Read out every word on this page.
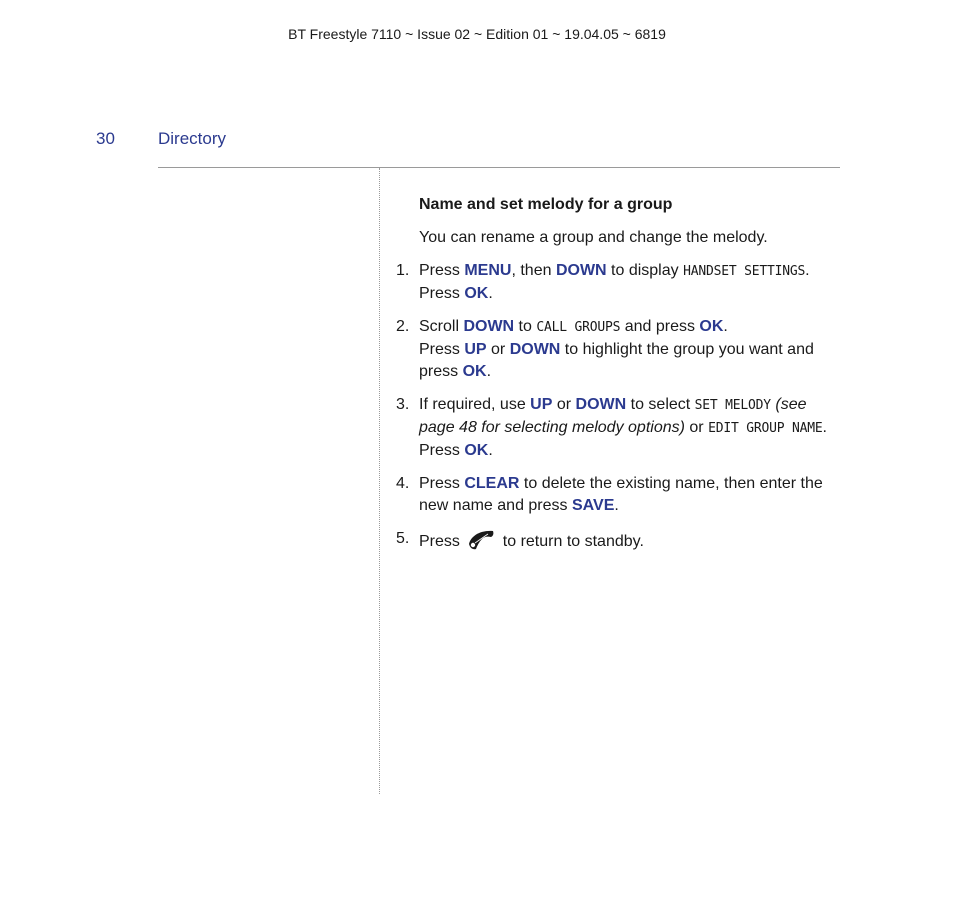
BT Freestyle 7110 ~ Issue 02 ~ Edition 01 ~ 19.04.05 ~ 6819
30	Directory
Name and set melody for a group
You can rename a group and change the melody.
1. Press MENU, then DOWN to display HANDSET SETTINGS.
Press OK.
2. Scroll DOWN to CALL GROUPS and press OK.
Press UP or DOWN to highlight the group you want and press OK.
3. If required, use UP or DOWN to select SET MELODY (see page 48 for selecting melody options) or EDIT GROUP NAME. Press OK.
4. Press CLEAR to delete the existing name, then enter the new name and press SAVE.
5. Press  to return to standby.
